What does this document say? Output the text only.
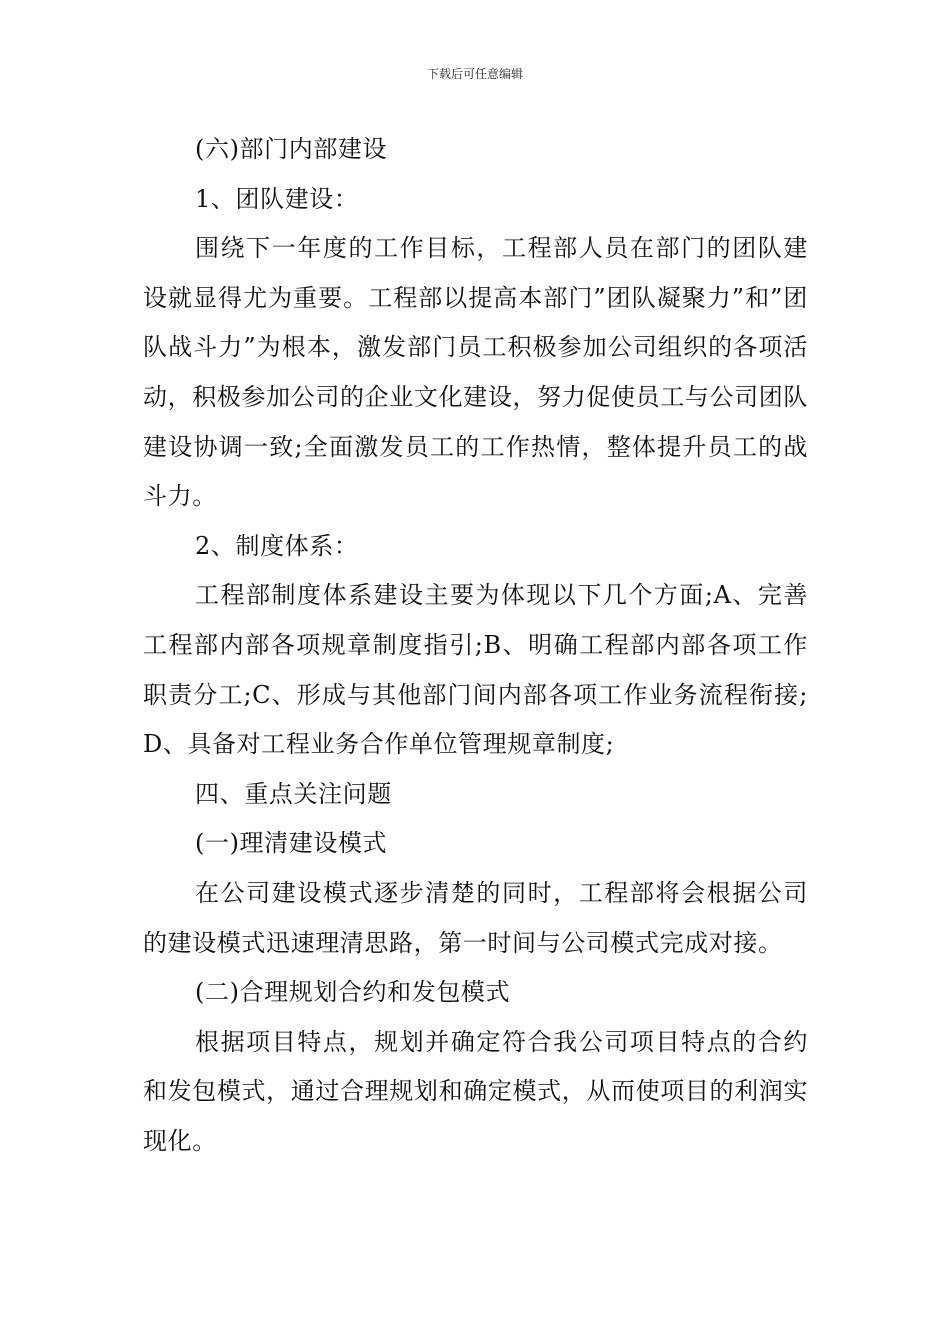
下载后可任意编辑

(六)部门内部建设

1、团队建设：

围绕下一年度的工作目标，工程部人员在部门的团队建设就显得尤为重要。工程部以提高本部门”团队凝聚力”和”团队战斗力”为根本，激发部门员工积极参加公司组织的各项活动，积极参加公司的企业文化建设，努力促使员工与公司团队建设协调一致;全面激发员工的工作热情，整体提升员工的战斗力。

2、制度体系：

工程部制度体系建设主要为体现以下几个方面;A、完善工程部内部各项规章制度指引;B、明确工程部内部各项工作职责分工;C、形成与其他部门间内部各项工作业务流程衔接;D、具备对工程业务合作单位管理规章制度;

四、重点关注问题

(一)理清建设模式

在公司建设模式逐步清楚的同时，工程部将会根据公司的建设模式迅速理清思路，第一时间与公司模式完成对接。

(二)合理规划合约和发包模式

根据项目特点，规划并确定符合我公司项目特点的合约和发包模式，通过合理规划和确定模式，从而使项目的利润实现化。
